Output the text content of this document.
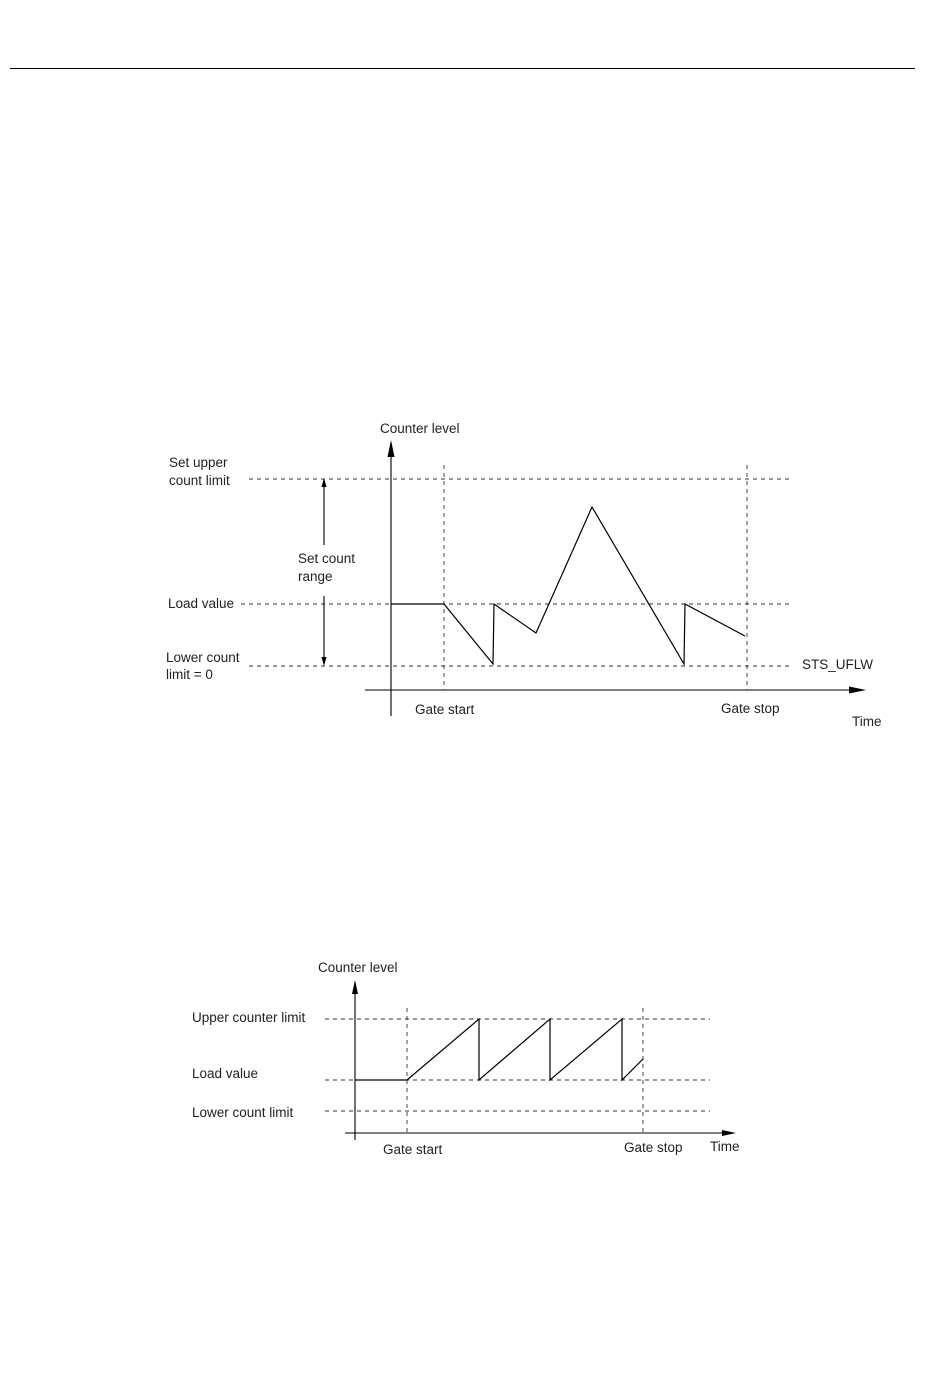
Counter level
Set upper
count limit
Set count
range
Load value
Lower count
limit = 0
STS_UFLW
Gate start	Gate stop
Time
Counter level
Upper counter limit
Load value
Lower count limit
Gate start	Gate stop Time
